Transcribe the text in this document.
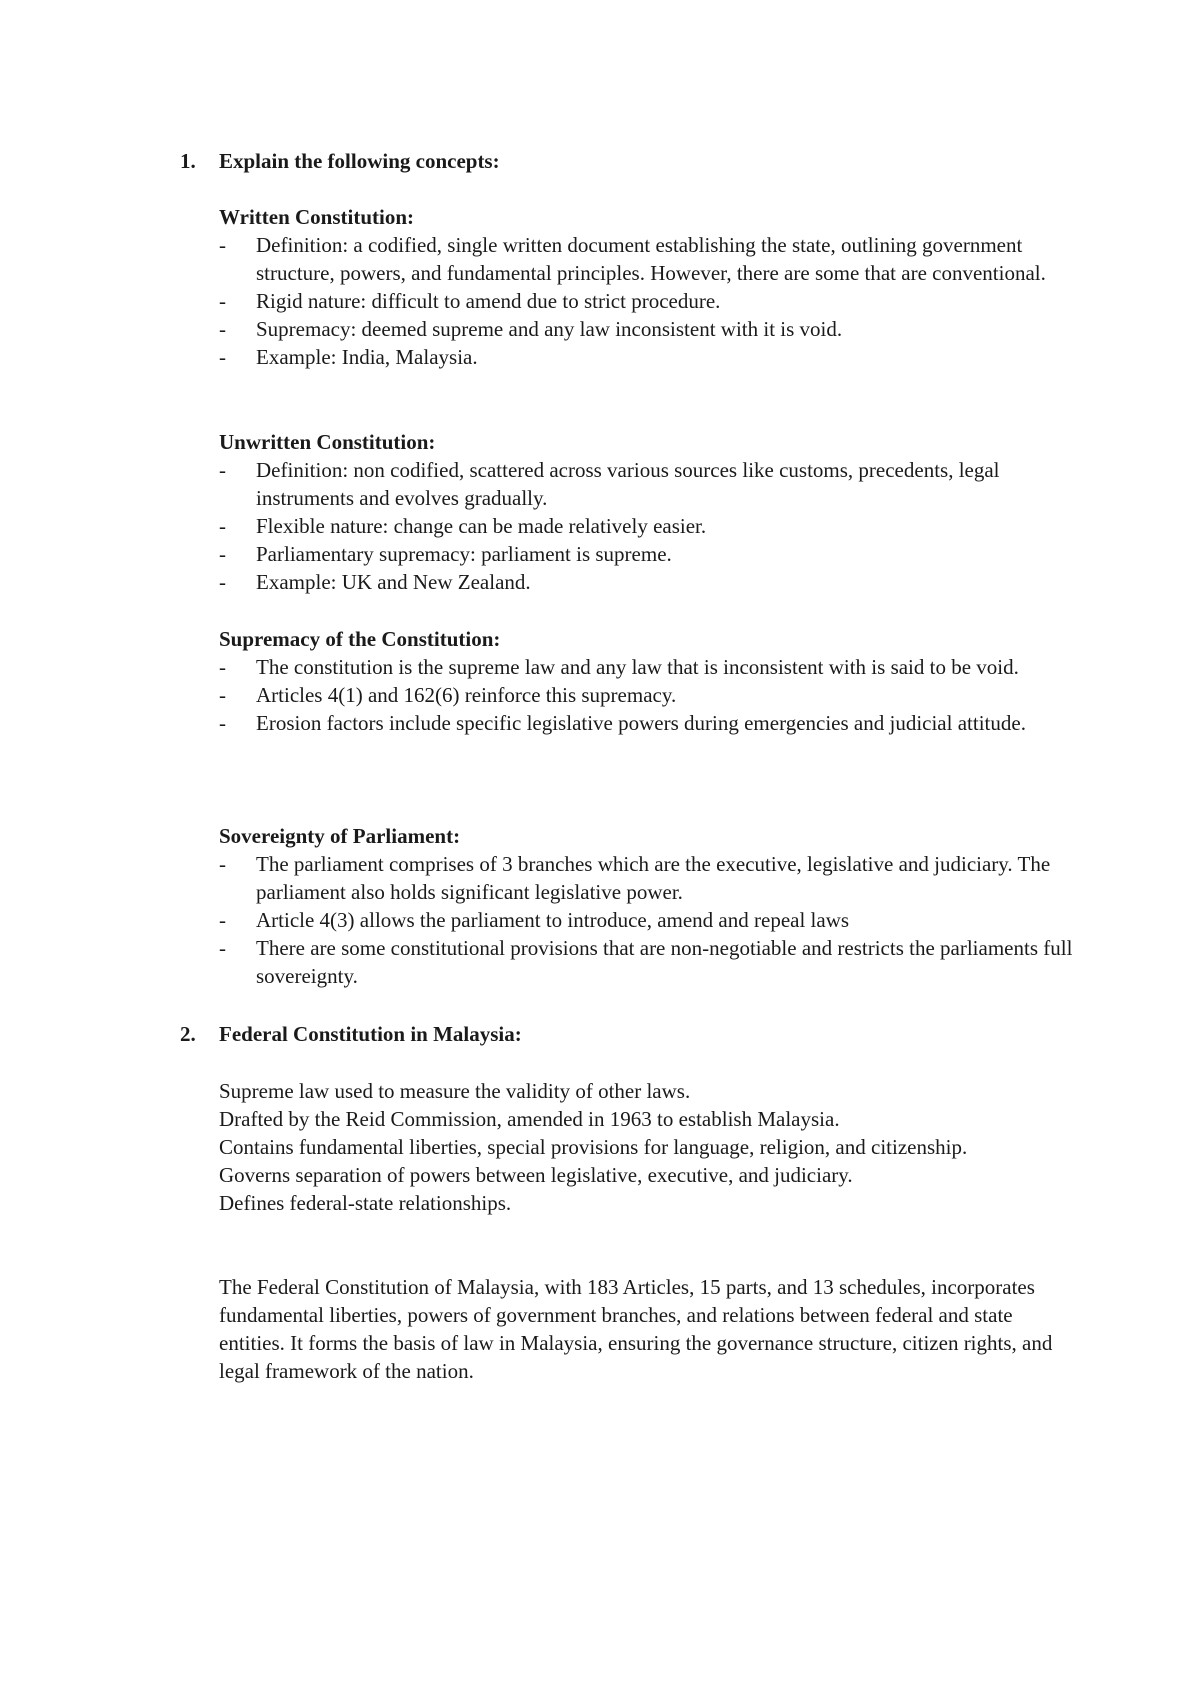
1. Explain the following concepts:
Written Constitution:
- Definition: a codified, single written document establishing the state, outlining government structure, powers, and fundamental principles. However, there are some that are conventional.
- Rigid nature: difficult to amend due to strict procedure.
- Supremacy: deemed supreme and any law inconsistent with it is void.
- Example: India, Malaysia.
Unwritten Constitution:
- Definition: non codified, scattered across various sources like customs, precedents, legal instruments and evolves gradually.
- Flexible nature: change can be made relatively easier.
- Parliamentary supremacy: parliament is supreme.
- Example: UK and New Zealand.
Supremacy of the Constitution:
- The constitution is the supreme law and any law that is inconsistent with is said to be void.
- Articles 4(1) and 162(6) reinforce this supremacy.
- Erosion factors include specific legislative powers during emergencies and judicial attitude.
Sovereignty of Parliament:
- The parliament comprises of 3 branches which are the executive, legislative and judiciary. The parliament also holds significant legislative power.
- Article 4(3) allows the parliament to introduce, amend and repeal laws
- There are some constitutional provisions that are non-negotiable and restricts the parliaments full sovereignty.
2. Federal Constitution in Malaysia:
Supreme law used to measure the validity of other laws.
Drafted by the Reid Commission, amended in 1963 to establish Malaysia.
Contains fundamental liberties, special provisions for language, religion, and citizenship.
Governs separation of powers between legislative, executive, and judiciary.
Defines federal-state relationships.
The Federal Constitution of Malaysia, with 183 Articles, 15 parts, and 13 schedules, incorporates fundamental liberties, powers of government branches, and relations between federal and state entities. It forms the basis of law in Malaysia, ensuring the governance structure, citizen rights, and legal framework of the nation.
